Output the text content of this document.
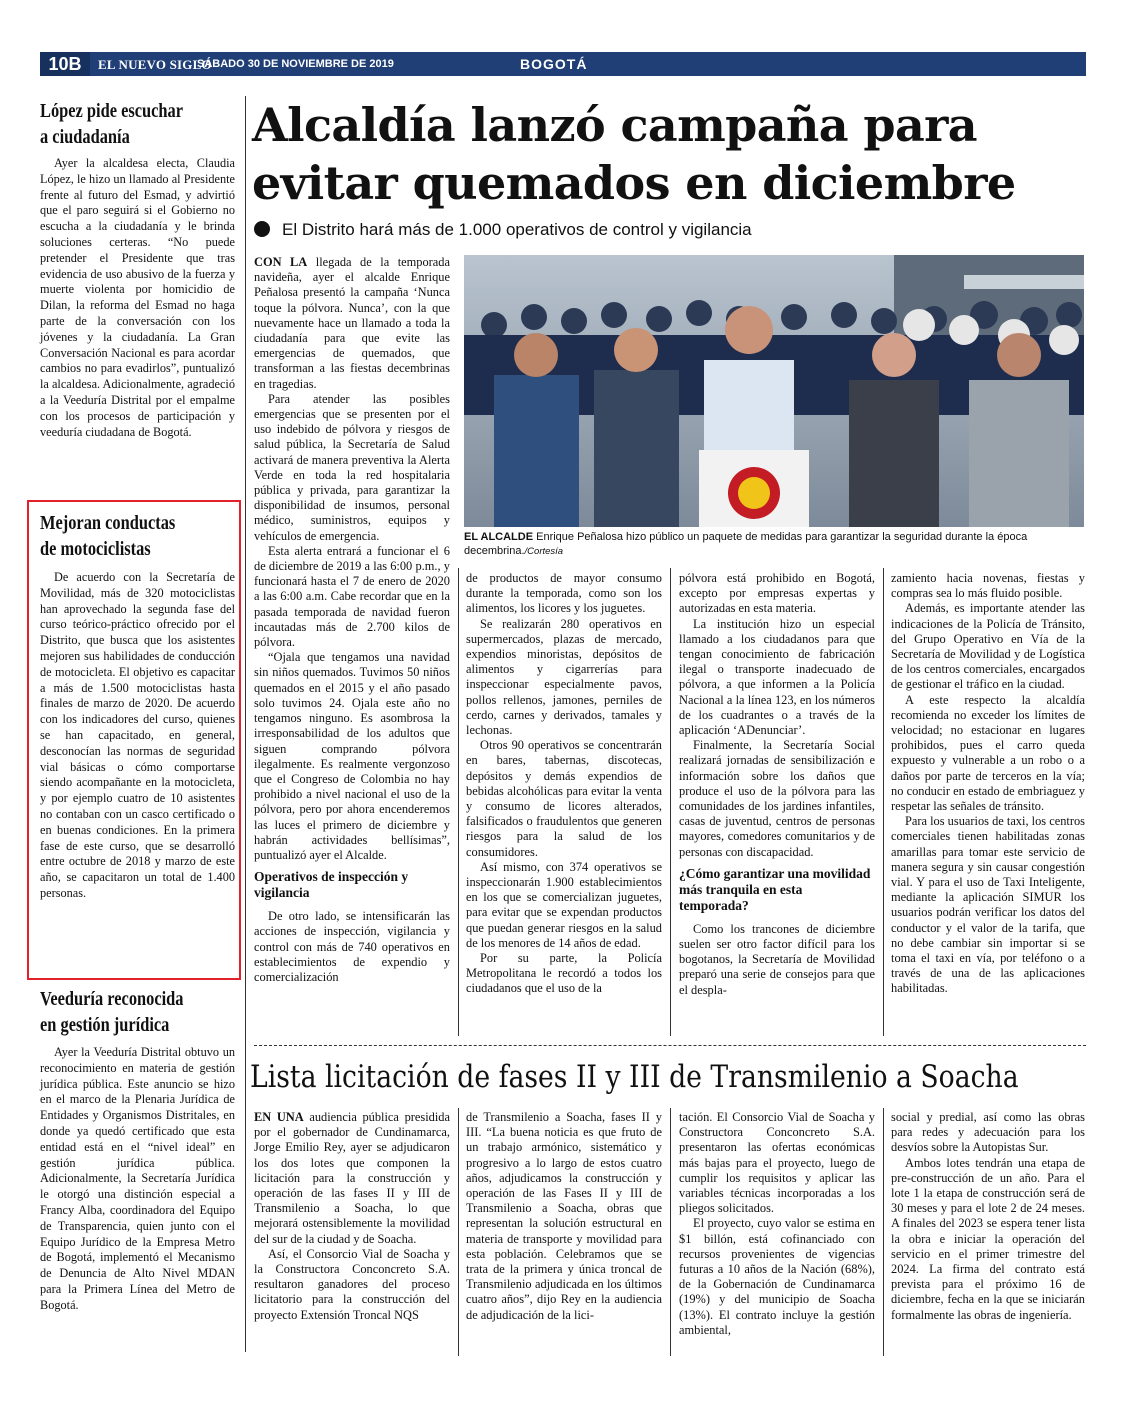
10B	EL NUEVO SIGLO
SÁBADO 30 DE NOVIEMBRE DE 2019	BOGOTÁ
López pide escuchar
a ciudadanía

Ayer la alcaldesa electa, Claudia López, le hizo un llamado al Presidente frente al futuro del Esmad, y advirtió que el paro seguirá si el Gobierno no escucha a la ciudadanía y le brinda soluciones certeras. “No puede pretender el Presidente que tras evidencia de uso abusivo de la fuerza y muerte violenta por homicidio de Dilan, la reforma del Esmad no haga parte de la conversación con los jóvenes y la ciudadanía. La Gran Conversación Nacional es para acordar cambios no para evadirlos”, puntualizó la alcaldesa. Adicionalmente, agradeció a la Veeduría Distrital por el empalme con los procesos de participación y veeduría ciudadana de Bogotá.

Mejoran conductas
de motociclistas

De acuerdo con la Secretaría de Movilidad, más de 320 motociclistas han aprovechado la segunda fase del curso teórico-práctico ofrecido por el Distrito, que busca que los asistentes mejoren sus habilidades de conducción de motocicleta. El objetivo es capacitar a más de 1.500 motociclistas hasta finales de marzo de 2020. De acuerdo con los indicadores del curso, quienes se han capacitado, en general, desconocían las normas de seguridad vial básicas o cómo comportarse siendo acompañante en la motocicleta, y por ejemplo cuatro de 10 asistentes no contaban con un casco certificado o en buenas condiciones. En la primera fase de este curso, que se desarrolló entre octubre de 2018 y marzo de este año, se capacitaron un total de 1.400 personas.

Veeduría reconocida
en gestión jurídica

Ayer la Veeduría Distrital obtuvo un reconocimiento en materia de gestión jurídica pública. Este anuncio se hizo en el marco de la Plenaria Jurídica de Entidades y Organismos Distritales, en donde ya quedó certificado que esta entidad está en el “nivel ideal” en gestión jurídica pública. Adicionalmente, la Secretaría Jurídica le otorgó una distinción especial a Francy Alba, coordinadora del Equipo de Transparencia, quien junto con el Equipo Jurídico de la Empresa Metro de Bogotá, implementó el Mecanismo de Denuncia de Alto Nivel MDAN para la Primera Línea del Metro de Bogotá.

Alcaldía lanzó campaña para
evitar quemados en diciembre
El Distrito hará más de 1.000 operativos de control y vigilancia
EL ALCALDE Enrique Peñalosa hizo público un paquete de medidas para garantizar la seguridad durante la época decembrina./Cortesía

CON LA llegada de la temporada navideña, ayer el alcalde Enrique Peñalosa presentó la campaña ‘Nunca toque la pólvora. Nunca’, con la que nuevamente hace un llamado a toda la ciudadanía para que evite las emergencias de quemados, que transforman a las fiestas decembrinas en tragedias.

Para atender las posibles emergencias que se presenten por el uso indebido de pólvora y riesgos de salud pública, la Secretaría de Salud activará de manera preventiva la Alerta Verde en toda la red hospitalaria pública y privada, para garantizar la disponibilidad de insumos, personal médico, suministros, equipos y vehículos de emergencia.

Esta alerta entrará a funcionar el 6 de diciembre de 2019 a las 6:00 p.m., y funcionará hasta el 7 de enero de 2020 a las 6:00 a.m. Cabe recordar que en la pasada temporada de navidad fueron incautadas más de 2.700 kilos de pólvora.

“Ojala que tengamos una navidad sin niños quemados. Tuvimos 50 niños quemados en el 2015 y el año pasado solo tuvimos 24. Ojala este año no tengamos ninguno. Es asombrosa la irresponsabilidad de los adultos que siguen comprando pólvora ilegalmente. Es realmente vergonzoso que el Congreso de Colombia no hay prohibido a nivel nacional el uso de la pólvora, pero por ahora encenderemos las luces el primero de diciembre y habrán actividades bellísimas”, puntualizó ayer el Alcalde.

Operativos de inspección y vigilancia

De otro lado, se intensificarán las acciones de inspección, vigilancia y control con más de 740 operativos en establecimientos de expendio y comercialización

de productos de mayor consumo durante la temporada, como son los alimentos, los licores y los juguetes.

Se realizarán 280 operativos en supermercados, plazas de mercado, expendios minoristas, depósitos de alimentos y cigarrerías para inspeccionar especialmente pavos, pollos rellenos, jamones, perniles de cerdo, carnes y derivados, tamales y lechonas.

Otros 90 operativos se concentrarán en bares, tabernas, discotecas, depósitos y demás expendios de bebidas alcohólicas para evitar la venta y consumo de licores alterados, falsificados o fraudulentos que generen riesgos para la salud de los consumidores.

Así mismo, con 374 operativos se inspeccionarán 1.900 establecimientos en los que se comercializan juguetes, para evitar que se expendan productos que puedan generar riesgos en la salud de los menores de 14 años de edad.

Por su parte, la Policía Metropolitana le recordó a todos los ciudadanos que el uso de la

pólvora está prohibido en Bogotá, excepto por empresas expertas y autorizadas en esta materia.

La institución hizo un especial llamado a los ciudadanos para que tengan conocimiento de fabricación ilegal o transporte inadecuado de pólvora, a que informen a la Policía Nacional a la línea 123, en los números de los cuadrantes o a través de la aplicación ‘ADenunciar’.

Finalmente, la Secretaría Social realizará jornadas de sensibilización e información sobre los daños que produce el uso de la pólvora para las comunidades de los jardines infantiles, casas de juventud, centros de personas mayores, comedores comunitarios y de personas con discapacidad.

¿Cómo garantizar una movilidad más tranquila en esta temporada?

Como los trancones de diciembre suelen ser otro factor difícil para los bogotanos, la Secretaría de Movilidad preparó una serie de consejos para que el despla-

zamiento hacia novenas, fiestas y compras sea lo más fluido posible.

Además, es importante atender las indicaciones de la Policía de Tránsito, del Grupo Operativo en Vía de la Secretaría de Movilidad y de Logística de los centros comerciales, encargados de gestionar el tráfico en la ciudad.

A este respecto la alcaldía recomienda no exceder los límites de velocidad; no estacionar en lugares prohibidos, pues el carro queda expuesto y vulnerable a un robo o a daños por parte de terceros en la vía; no conducir en estado de embriaguez y respetar las señales de tránsito.

Para los usuarios de taxi, los centros comerciales tienen habilitadas zonas amarillas para tomar este servicio de manera segura y sin causar congestión vial. Y para el uso de Taxi Inteligente, mediante la aplicación SIMUR los usuarios podrán verificar los datos del conductor y el valor de la tarifa, que no debe cambiar sin importar si se toma el taxi en vía, por teléfono o a través de una de las aplicaciones habilitadas.

Lista licitación de fases II y III de Transmilenio a Soacha

EN UNA audiencia pública presidida por el gobernador de Cundinamarca, Jorge Emilio Rey, ayer se adjudicaron los dos lotes que componen la licitación para la construcción y operación de las fases II y III de Transmilenio a Soacha, lo que mejorará ostensiblemente la movilidad del sur de la ciudad y de Soacha.

Así, el Consorcio Vial de Soacha y la Constructora Conconcreto S.A. resultaron ganadores del proceso licitatorio para la construcción del proyecto Extensión Troncal NQS

de Transmilenio a Soacha, fases II y III. “La buena noticia es que fruto de un trabajo armónico, sistemático y progresivo a lo largo de estos cuatro años, adjudicamos la construcción y operación de las Fases II y III de Transmilenio a Soacha, obras que representan la solución estructural en materia de transporte y movilidad para esta población. Celebramos que se trata de la primera y única troncal de Transmilenio adjudicada en los últimos cuatro años”, dijo Rey en la audiencia de adjudicación de la lici-

tación. El Consorcio Vial de Soacha y Constructora Conconcreto S.A. presentaron las ofertas económicas más bajas para el proyecto, luego de cumplir los requisitos y aplicar las variables técnicas incorporadas a los pliegos solicitados.

El proyecto, cuyo valor se estima en $1 billón, está cofinanciado con recursos provenientes de vigencias futuras a 10 años de la Nación (68%), de la Gobernación de Cundinamarca (19%) y del municipio de Soacha (13%). El contrato incluye la gestión ambiental,

social y predial, así como las obras para redes y adecuación para los desvíos sobre la Autopistas Sur.

Ambos lotes tendrán una etapa de pre-construcción de un año. Para el lote 1 la etapa de construcción será de 30 meses y para el lote 2 de 24 meses. A finales del 2023 se espera tener lista la obra e iniciar la operación del servicio en el primer trimestre del 2024. La firma del contrato está prevista para el próximo 16 de diciembre, fecha en la que se iniciarán formalmente las obras de ingeniería.
